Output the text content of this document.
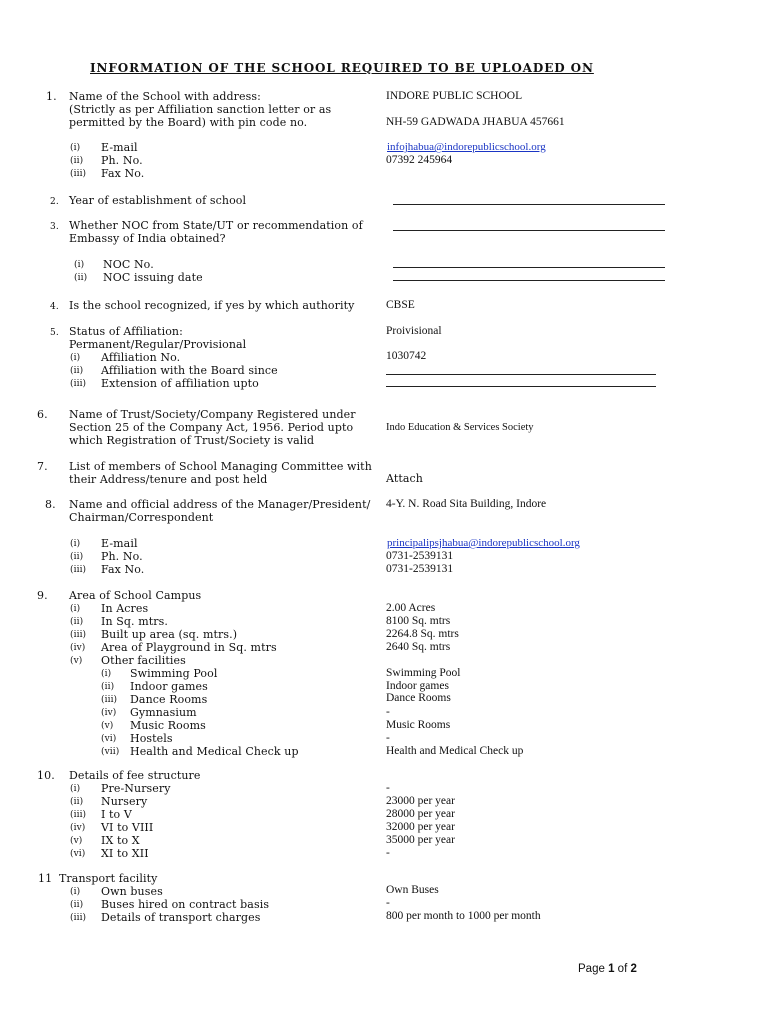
INFORMATION OF THE SCHOOL REQUIRED TO BE UPLOADED ON
1. Name of the School with address:
(Strictly as per Affiliation sanction letter or as
permitted by the Board) with pin code no.
INDORE PUBLIC SCHOOL
NH-59 GADWADA JHABUA 457661
(i) E-mail
(ii) Ph. No.
(iii) Fax No.
infojhabua@indorepublicschool.org
07392 245964
2. Year of establishment of school
3. Whether NOC from State/UT or recommendation of
Embassy of India obtained?
(i) NOC No.
(ii) NOC issuing date
4. Is the school recognized, if yes by which authority	CBSE
5. Status of Affiliation:
Permanent/Regular/Provisional
Proivisional
(i) Affiliation No.
(ii) Affiliation with the Board since
(iii) Extension of affiliation upto
1030742
6. Name of Trust/Society/Company Registered under
Section 25 of the Company Act, 1956. Period upto
which Registration of Trust/Society is valid
Indo Education & Services Society
7. List of members of School Managing Committee with
their Address/tenure and post held	Attach
8. Name and official address of the Manager/President/
Chairman/Correspondent
4-Y. N. Road Sita Building, Indore
(i) E-mail
(ii) Ph. No.
(iii) Fax No.
principalipsjhabua@indorepublicschool.org
0731-2539131
0731-2539131
9. Area of School Campus
(i) In Acres
(ii) In Sq. mtrs.
(iii) Built up area (sq. mtrs.)
(iv) Area of Playground in Sq. mtrs
(v) Other facilities
2.00 Acres
8100 Sq. mtrs
2264.8 Sq. mtrs
2640 Sq. mtrs
(i) Swimming Pool
(ii) Indoor games
(iii) Dance Rooms
(iv) Gymnasium
(v) Music Rooms
(vi) Hostels
(vii) Health and Medical Check up
Swimming Pool
Indoor games
Dance Rooms
-
Music Rooms
-
Health and Medical Check up
10. Details of fee structure
(i) Pre-Nursery
(ii) Nursery
(iii) I to V
(iv) VI to VIII
(v) IX to X
(vi) XI to XII
-
23000 per year
28000 per year
32000 per year
35000 per year
-
11 Transport facility
(i) Own buses
(ii) Buses hired on contract basis
(iii) Details of transport charges
Own Buses
-
800 per month to 1000 per month
Page 1 of 2
